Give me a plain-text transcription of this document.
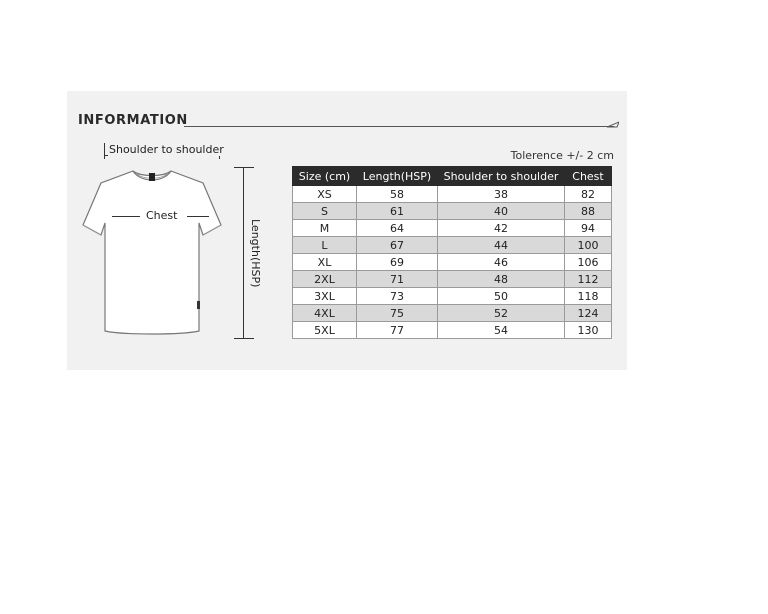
INFORMATION
Shoulder to shoulder
Chest
Length(HSP)
Tolerence +/- 2 cm
Size (cm)	Length(HSP)	Shoulder to shoulder	Chest
XS	58	38	82
S	61	40	88
M	64	42	94
L	67	44	100
XL	69	46	106
2XL	71	48	112
3XL	73	50	118
4XL	75	52	124
5XL	77	54	130
